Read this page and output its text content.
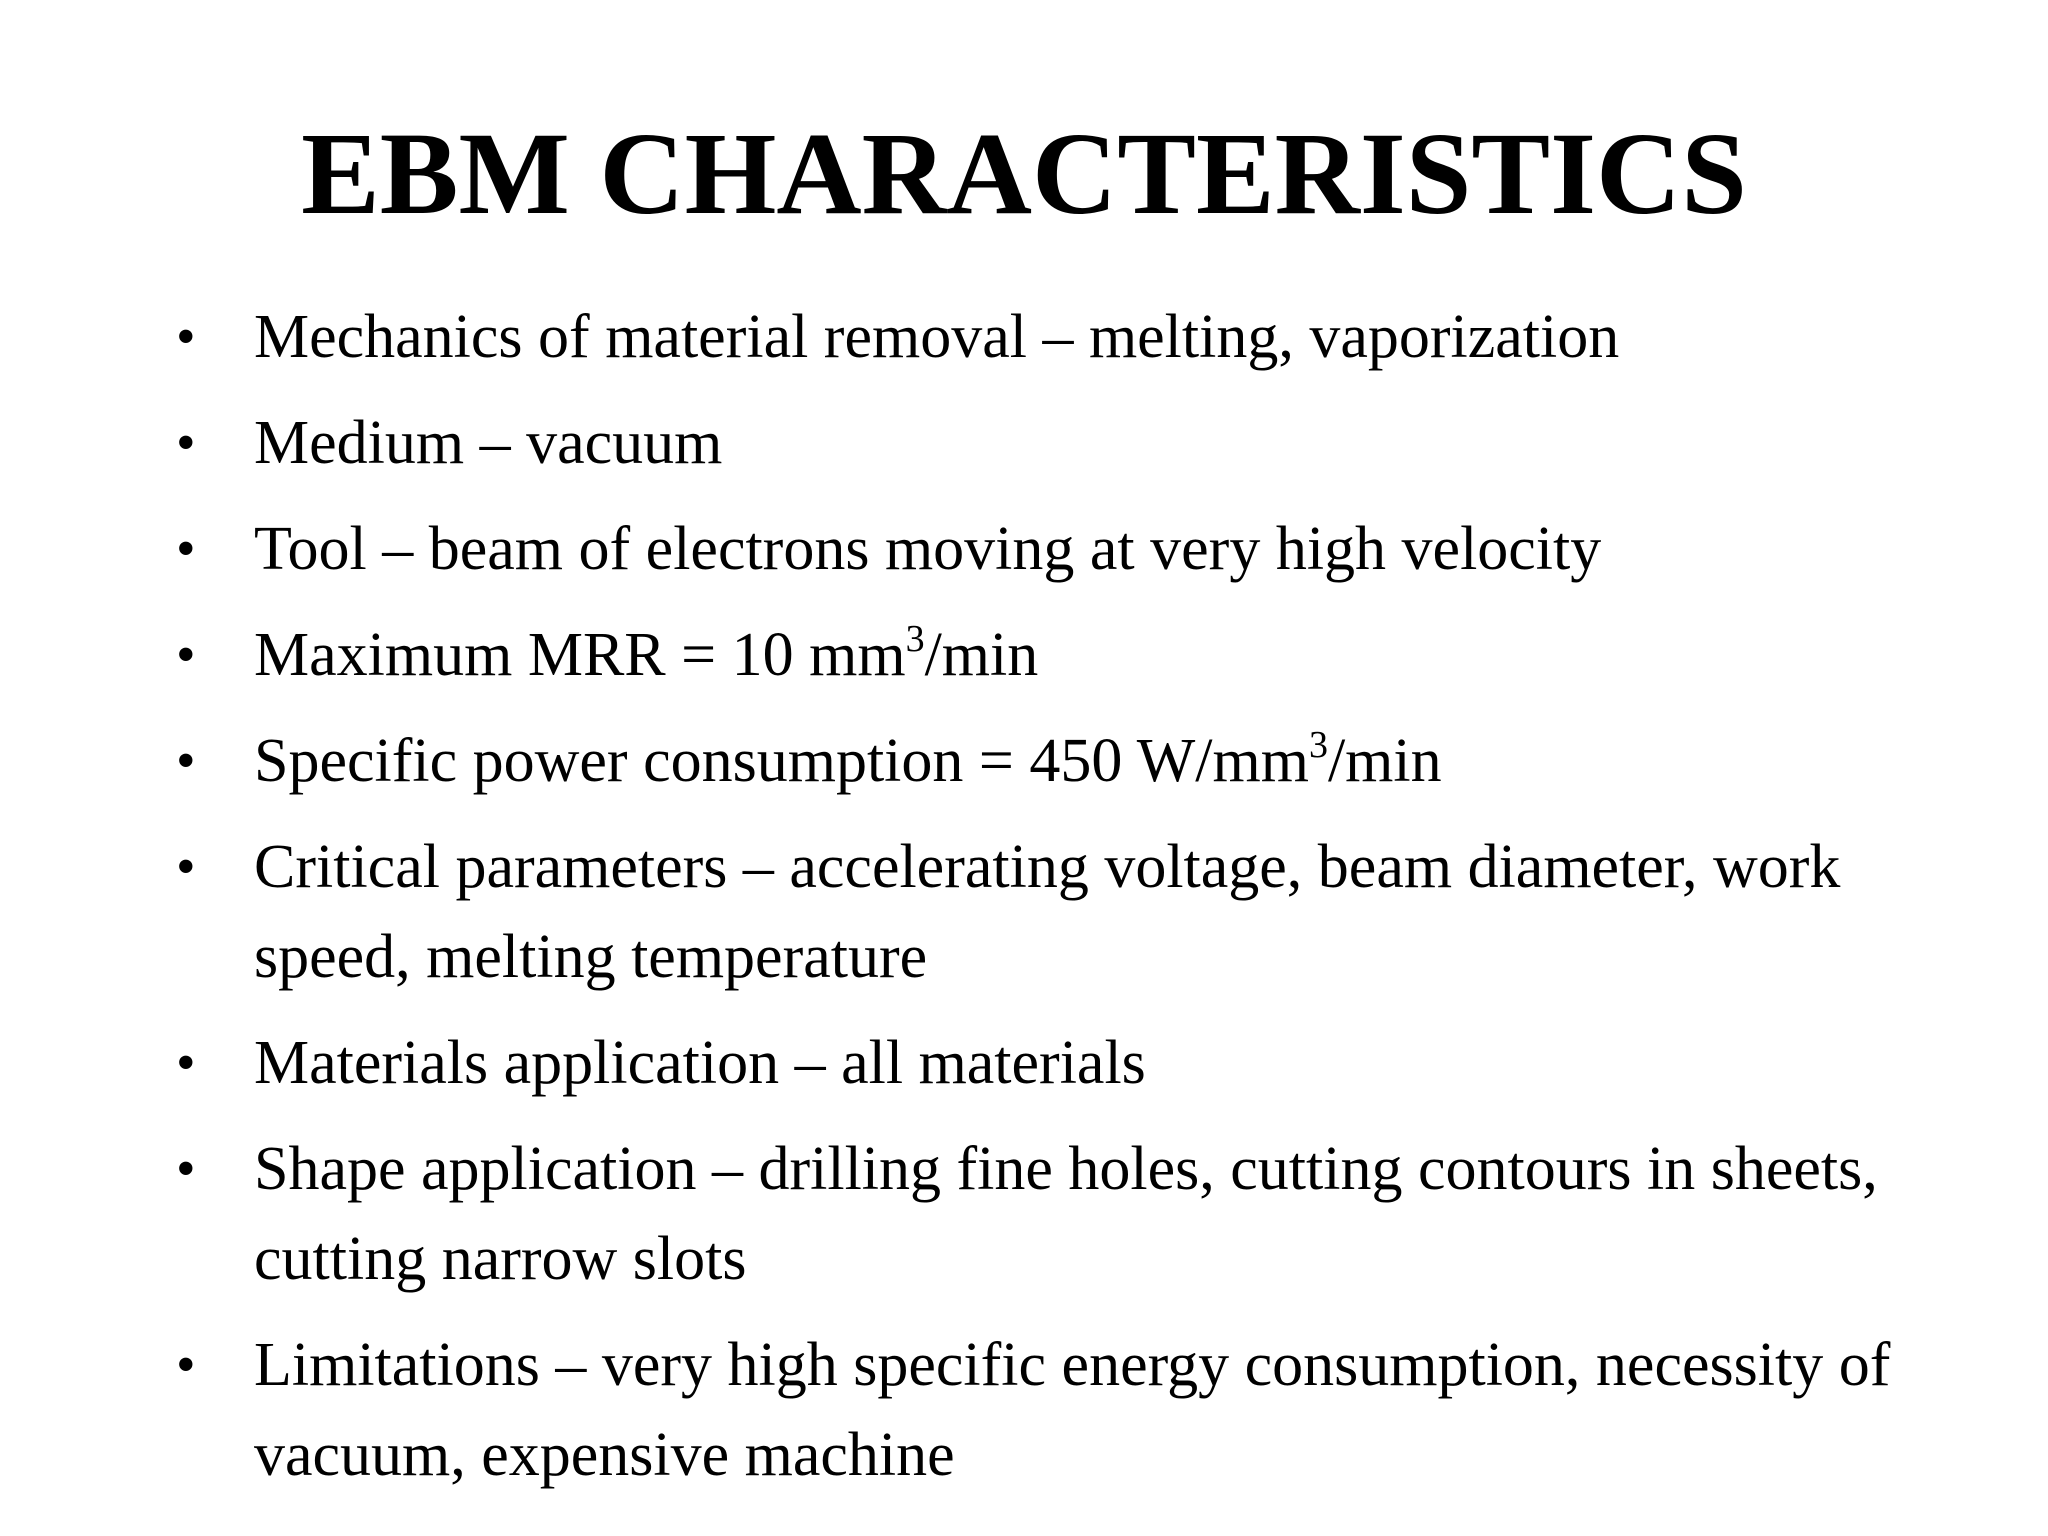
EBM CHARACTERISTICS
• Mechanics of material removal – melting, vaporization
• Medium – vacuum
• Tool – beam of electrons moving at very high velocity
• Maximum MRR = 10 $mm^3/\min$
• Specific power consumption = 450 $W/mm^3/\min$
• Critical parameters – accelerating voltage, beam diameter, work
speed, melting temperature
• Materials application – all materials
• Shape application – drilling fine holes, cutting contours in sheets,
cutting narrow slots
• Limitations – very high specific energy consumption, necessity of
vacuum, expensive machine
